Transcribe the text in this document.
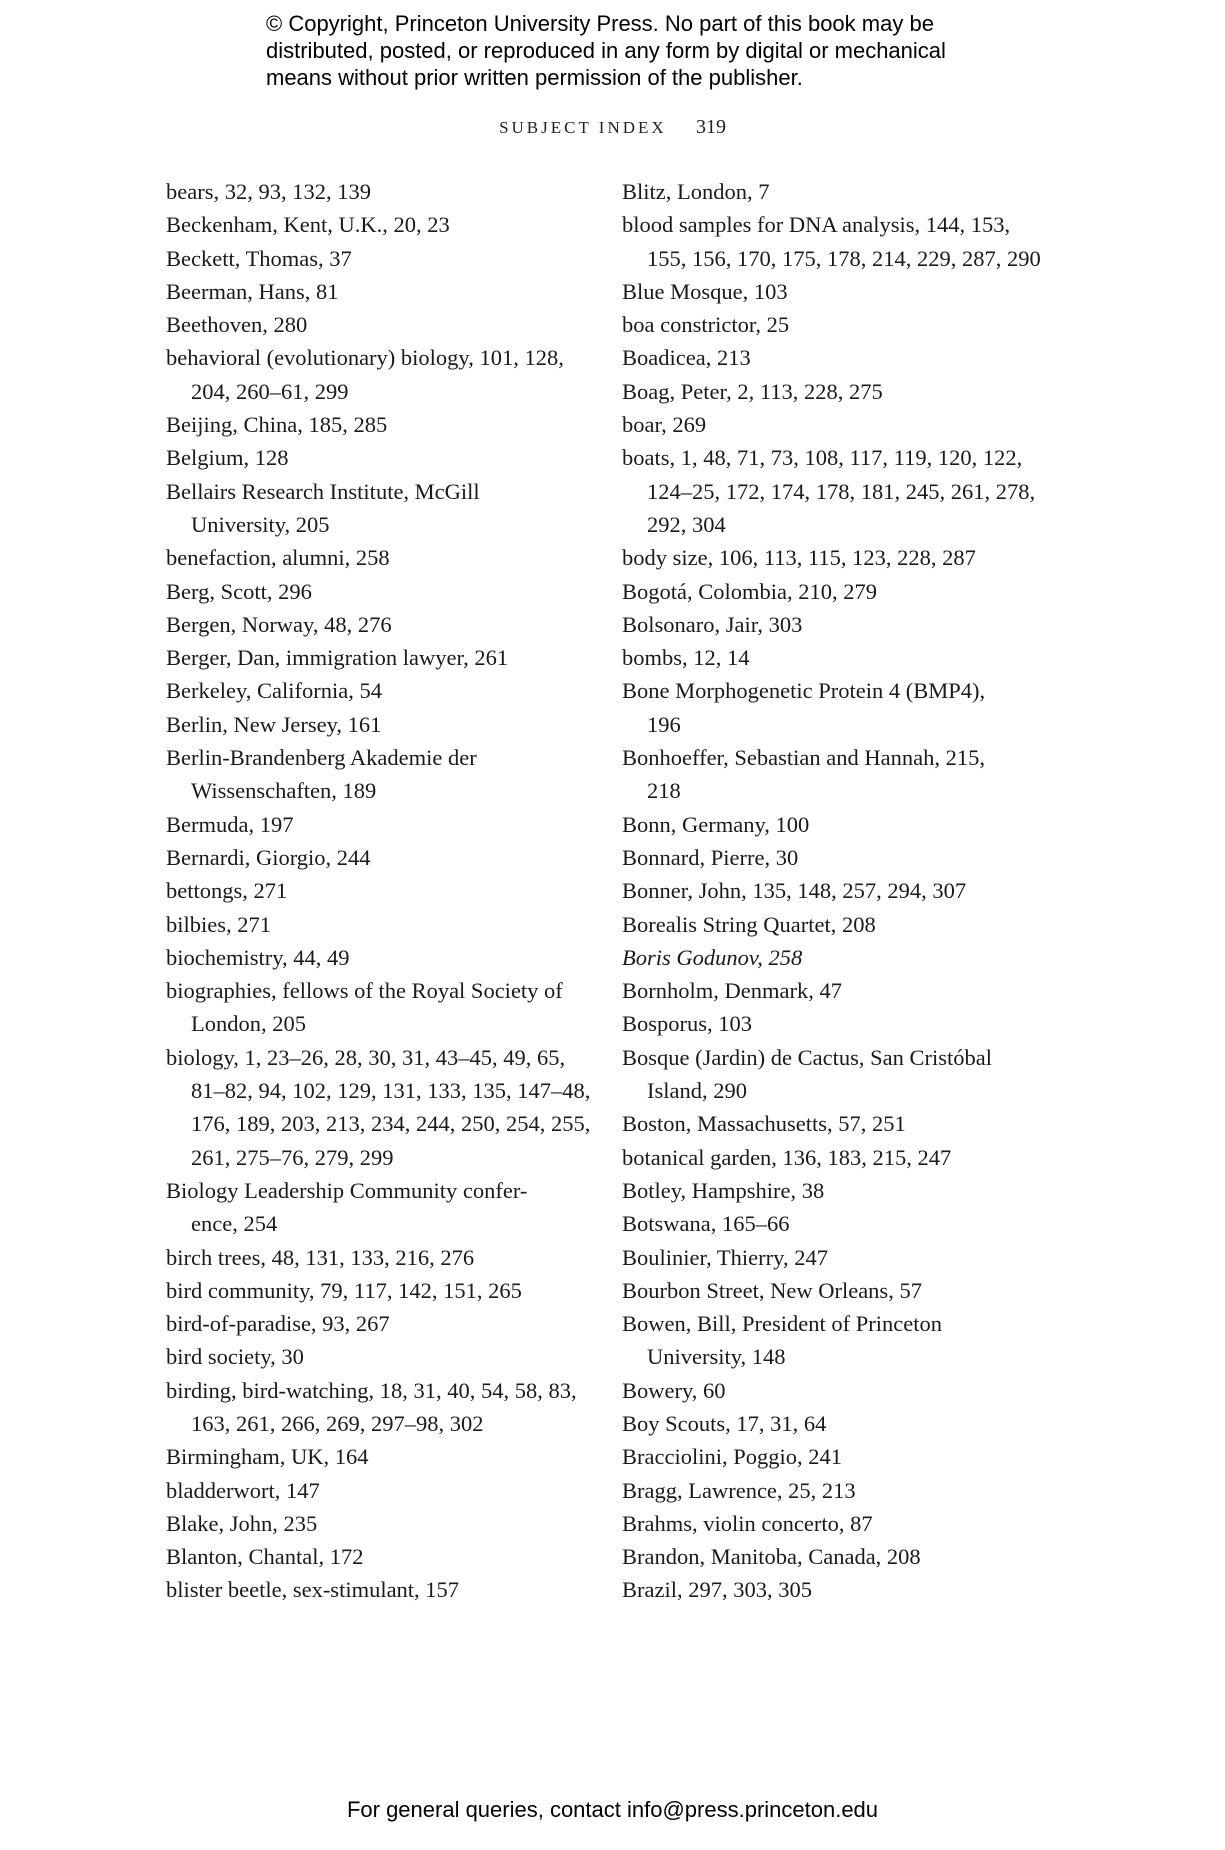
© Copyright, Princeton University Press. No part of this book may be
distributed, posted, or reproduced in any form by digital or mechanical
means without prior written permission of the publisher.
SUBJECT INDEX 319
bears, 32, 93, 132, 139
Beckenham, Kent, U.K., 20, 23
Beckett, Thomas, 37
Beerman, Hans, 81
Beethoven, 280
behavioral (evolutionary) biology, 101, 128,
204, 260–61, 299
Beijing, China, 185, 285
Belgium, 128
Bellairs Research Institute, McGill
University, 205
benefaction, alumni, 258
Berg, Scott, 296
Bergen, Norway, 48, 276
Berger, Dan, immigration lawyer, 261
Berkeley, California, 54
Berlin, New Jersey, 161
Berlin-Brandenberg Akademie der
Wissenschaften, 189
Bermuda, 197
Bernardi, Giorgio, 244
bettongs, 271
bilbies, 271
biochemistry, 44, 49
biographies, fellows of the Royal Society of
London, 205
biology, 1, 23–26, 28, 30, 31, 43–45, 49, 65,
81–82, 94, 102, 129, 131, 133, 135, 147–48,
176, 189, 203, 213, 234, 244, 250, 254, 255,
261, 275–76, 279, 299
Biology Leadership Community confer-
ence, 254
birch trees, 48, 131, 133, 216, 276
bird community, 79, 117, 142, 151, 265
bird-of-paradise, 93, 267
bird society, 30
birding, bird-watching, 18, 31, 40, 54, 58, 83,
163, 261, 266, 269, 297–98, 302
Birmingham, UK, 164
bladderwort, 147
Blake, John, 235
Blanton, Chantal, 172
blister beetle, sex-stimulant, 157
Blitz, London, 7
blood samples for DNA analysis, 144, 153,
155, 156, 170, 175, 178, 214, 229, 287, 290
Blue Mosque, 103
boa constrictor, 25
Boadicea, 213
Boag, Peter, 2, 113, 228, 275
boar, 269
boats, 1, 48, 71, 73, 108, 117, 119, 120, 122,
124–25, 172, 174, 178, 181, 245, 261, 278,
292, 304
body size, 106, 113, 115, 123, 228, 287
Bogotá, Colombia, 210, 279
Bolsonaro, Jair, 303
bombs, 12, 14
Bone Morphogenetic Protein 4 (BMP4),
196
Bonhoeffer, Sebastian and Hannah, 215,
218
Bonn, Germany, 100
Bonnard, Pierre, 30
Bonner, John, 135, 148, 257, 294, 307
Borealis String Quartet, 208
Boris Godunov, 258
Bornholm, Denmark, 47
Bosporus, 103
Bosque (Jardin) de Cactus, San Cristóbal
Island, 290
Boston, Massachusetts, 57, 251
botanical garden, 136, 183, 215, 247
Botley, Hampshire, 38
Botswana, 165–66
Boulinier, Thierry, 247
Bourbon Street, New Orleans, 57
Bowen, Bill, President of Princeton
University, 148
Bowery, 60
Boy Scouts, 17, 31, 64
Bracciolini, Poggio, 241
Bragg, Lawrence, 25, 213
Brahms, violin concerto, 87
Brandon, Manitoba, Canada, 208
Brazil, 297, 303, 305
For general queries, contact info@press.princeton.edu
